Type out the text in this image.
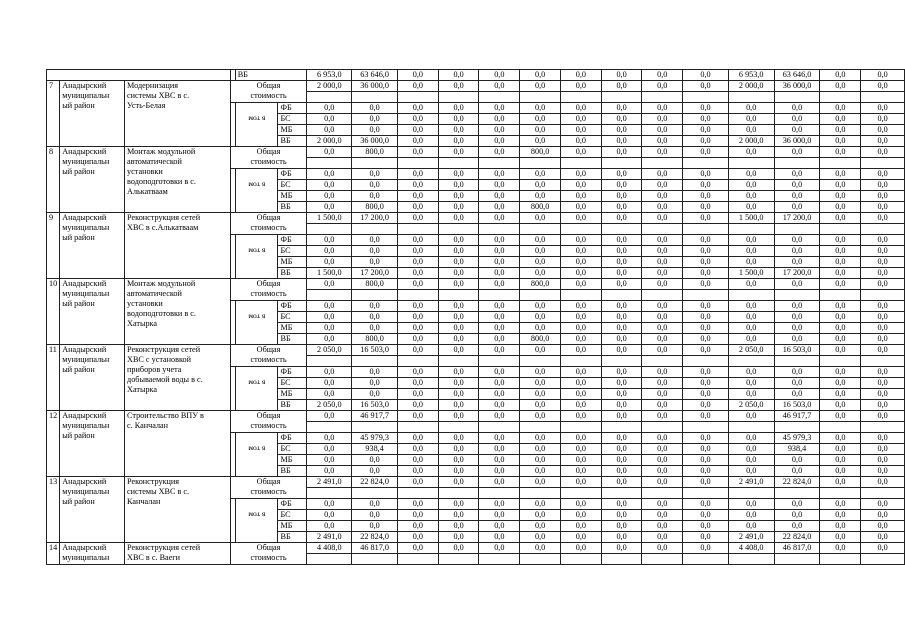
				ВБ		6 953,0	63 646,0	0,0	0,0	0,0	0,0	0,0	0,0	0,0	0,0	6 953,0	63 646,0	0,0	0,0
7	Анадырский
муниципальн
ый район	Модернизация
системы ХВС в с.
Усть-Белая	Общая
стоимость			2 000,0	36 000,0	0,0	0,0	0,0	0,0	0,0	0,0	0,0	0,0	2 000,0	36 000,0	0,0	0,0

				в том	ФБ	0,0	0,0	0,0	0,0	0,0	0,0	0,0	0,0	0,0	0,0	0,0	0,0	0,0	0,0
					БС	0,0	0,0	0,0	0,0	0,0	0,0	0,0	0,0	0,0	0,0	0,0	0,0	0,0	0,0
					МБ	0,0	0,0	0,0	0,0	0,0	0,0	0,0	0,0	0,0	0,0	0,0	0,0	0,0	0,0
					ВБ	2 000,0	36 000,0	0,0	0,0	0,0	0,0	0,0	0,0	0,0	0,0	2 000,0	36 000,0	0,0	0,0
8	Анадырский
муниципальн
ый район	Монтаж модульной
автоматической
установки
водоподготовки в с.
Алькатваам	Общая
стоимость			0,0	800,0	0,0	0,0	0,0	800,0	0,0	0,0	0,0	0,0	0,0	0,0	0,0	0,0

				в том	ФБ	0,0	0,0	0,0	0,0	0,0	0,0	0,0	0,0	0,0	0,0	0,0	0,0	0,0	0,0
					БС	0,0	0,0	0,0	0,0	0,0	0,0	0,0	0,0	0,0	0,0	0,0	0,0	0,0	0,0
					МБ	0,0	0,0	0,0	0,0	0,0	0,0	0,0	0,0	0,0	0,0	0,0	0,0	0,0	0,0
					ВБ	0,0	800,0	0,0	0,0	0,0	800,0	0,0	0,0	0,0	0,0	0,0	0,0	0,0	0,0
9	Анадырский
муниципальн
ый район	Реконструкция сетей
ХВС в с.Алькатваам	Общая
стоимость			1 500,0	17 200,0	0,0	0,0	0,0	0,0	0,0	0,0	0,0	0,0	1 500,0	17 200,0	0,0	0,0

				в том	ФБ	0,0	0,0	0,0	0,0	0,0	0,0	0,0	0,0	0,0	0,0	0,0	0,0	0,0	0,0
					БС	0,0	0,0	0,0	0,0	0,0	0,0	0,0	0,0	0,0	0,0	0,0	0,0	0,0	0,0
					МБ	0,0	0,0	0,0	0,0	0,0	0,0	0,0	0,0	0,0	0,0	0,0	0,0	0,0	0,0
					ВБ	1 500,0	17 200,0	0,0	0,0	0,0	0,0	0,0	0,0	0,0	0,0	1 500,0	17 200,0	0,0	0,0
10	Анадырский
муниципальн
ый район	Монтаж модульной
автоматической
установки
водоподготовки в с.
Хатырка	Общая
стоимость			0,0	800,0	0,0	0,0	0,0	800,0	0,0	0,0	0,0	0,0	0,0	0,0	0,0	0,0

				в том	ФБ	0,0	0,0	0,0	0,0	0,0	0,0	0,0	0,0	0,0	0,0	0,0	0,0	0,0	0,0
					БС	0,0	0,0	0,0	0,0	0,0	0,0	0,0	0,0	0,0	0,0	0,0	0,0	0,0	0,0
					МБ	0,0	0,0	0,0	0,0	0,0	0,0	0,0	0,0	0,0	0,0	0,0	0,0	0,0	0,0
					ВБ	0,0	800,0	0,0	0,0	0,0	800,0	0,0	0,0	0,0	0,0	0,0	0,0	0,0	0,0
11	Анадырский
муниципальн
ый район	Реконструкция сетей
ХВС с установкой
приборов учета
добываемой воды в с.
Хатырка	Общая
стоимость			2 050,0	16 503,0	0,0	0,0	0,0	0,0	0,0	0,0	0,0	0,0	2 050,0	16 503,0	0,0	0,0

				в том	ФБ	0,0	0,0	0,0	0,0	0,0	0,0	0,0	0,0	0,0	0,0	0,0	0,0	0,0	0,0
					БС	0,0	0,0	0,0	0,0	0,0	0,0	0,0	0,0	0,0	0,0	0,0	0,0	0,0	0,0
					МБ	0,0	0,0	0,0	0,0	0,0	0,0	0,0	0,0	0,0	0,0	0,0	0,0	0,0	0,0
					ВБ	2 050,0	16 503,0	0,0	0,0	0,0	0,0	0,0	0,0	0,0	0,0	2 050,0	16 503,0	0,0	0,0
12	Анадырский
муниципальн
ый район	Строительство ВПУ в
с. Канчалан	Общая
стоимость			0,0	46 917,7	0,0	0,0	0,0	0,0	0,0	0,0	0,0	0,0	0,0	46 917,7	0,0	0,0

				в том	ФБ	0,0	45 979,3	0,0	0,0	0,0	0,0	0,0	0,0	0,0	0,0	0,0	45 979,3	0,0	0,0
					БС	0,0	938,4	0,0	0,0	0,0	0,0	0,0	0,0	0,0	0,0	0,0	938,4	0,0	0,0
					МБ	0,0	0,0	0,0	0,0	0,0	0,0	0,0	0,0	0,0	0,0	0,0	0,0	0,0	0,0
					ВБ	0,0	0,0	0,0	0,0	0,0	0,0	0,0	0,0	0,0	0,0	0,0	0,0	0,0	0,0
13	Анадырский
муниципальн
ый район	Реконструкция
системы ХВС в с.
Канчалан	Общая
стоимость			2 491,0	22 824,0	0,0	0,0	0,0	0,0	0,0	0,0	0,0	0,0	2 491,0	22 824,0	0,0	0,0

				в том	ФБ	0,0	0,0	0,0	0,0	0,0	0,0	0,0	0,0	0,0	0,0	0,0	0,0	0,0	0,0
					БС	0,0	0,0	0,0	0,0	0,0	0,0	0,0	0,0	0,0	0,0	0,0	0,0	0,0	0,0
					МБ	0,0	0,0	0,0	0,0	0,0	0,0	0,0	0,0	0,0	0,0	0,0	0,0	0,0	0,0
					ВБ	2 491,0	22 824,0	0,0	0,0	0,0	0,0	0,0	0,0	0,0	0,0	2 491,0	22 824,0	0,0	0,0
14	Анадырский
муниципальн	Реконструкция сетей
ХВС в с. Ваеги	Общая
стоимость			4 408,0	46 817,0	0,0	0,0	0,0	0,0	0,0	0,0	0,0	0,0	4 408,0	46 817,0	0,0	0,0
